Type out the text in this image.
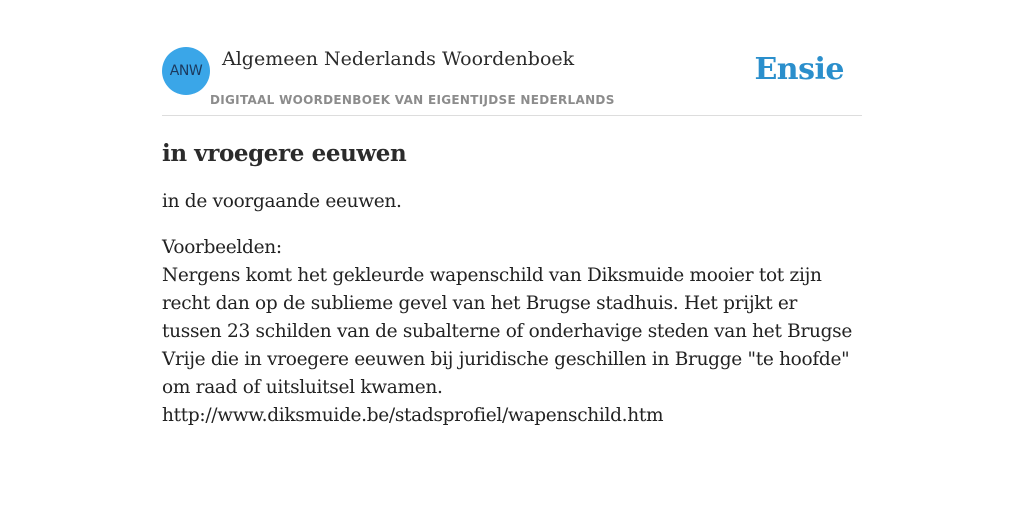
ANW
Algemeen Nederlands Woordenboek
DIGITAAL WOORDENBOEK VAN EIGENTIJDSE NEDERLANDS
Ensie
in vroegere eeuwen

in de voorgaande eeuwen.

Voorbeelden:
Nergens komt het gekleurde wapenschild van Diksmuide mooier tot zijn recht dan op de sublieme gevel van het Brugse stadhuis. Het prijkt er tussen 23 schilden van de subalterne of onderhavige steden van het Brugse Vrije die in vroegere eeuwen bij juridische geschillen in Brugge "te hoofde" om raad of uitsluitsel kwamen.
http://www.diksmuide.be/stadsprofiel/wapenschild.htm
